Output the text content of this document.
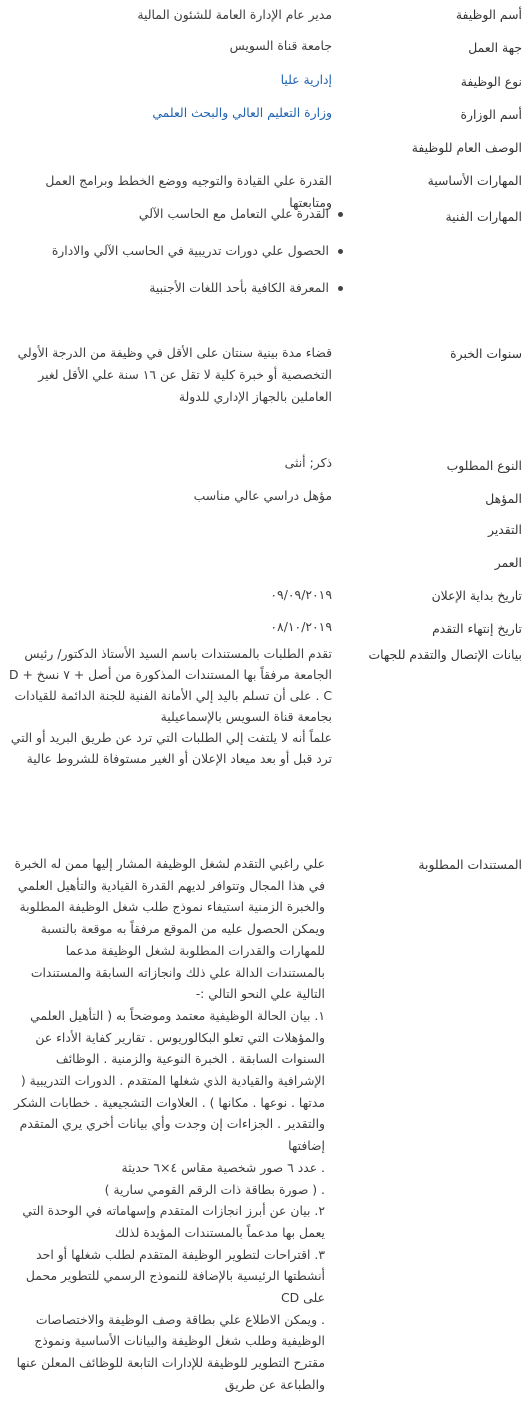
أسم الوظيفة
مدير عام الإدارة العامة للشئون المالية
جهة العمل
جامعة قناة السويس
نوع الوظيفة
إدارية عليا
أسم الوزارة
وزارة التعليم العالي والبحث العلمي
الوصف العام للوظيفة
المهارات الأساسية
القدرة علي القيادة والتوجيه ووضع الخطط وبرامج العمل ومتابعتها
المهارات الفنية
القدرة علي التعامل مع الحاسب الآلي
الحصول علي دورات تدريبية في الحاسب الآلي والادارة
المعرفة الكافية بأحد اللغات الأجنبية
سنوات الخبرة
قضاء مدة بينية سنتان على الأقل في وظيفة من الدرجة الأولي التخصصية أو خبرة كلية لا تقل عن ١٦ سنة علي الأقل لغير العاملين بالجهاز الإداري للدولة
النوع المطلوب
ذكر; أنثى
المؤهل
مؤهل دراسي عالي مناسب
التقدير
العمر
تاريخ بداية الإعلان
٠٩/٠٩/٢٠١٩
تاريخ إنتهاء التقدم
٠٨/١٠/٢٠١٩
بيانات الإتصال والتقدم للجهات

تقدم الطلبات بالمستندات باسم السيد الأستاذ الدكتور/ رئيس الجامعة مرفقاً بها المستندات المذكورة من أصل + ٧ نسخ + D . C على أن تسلم باليد إلي الأمانة الفنية للجنة الدائمة للقيادات بجامعة قناة السويس بالإسماعيلية

علماً أنه لا يلتفت إلي الطلبات التي ترد عن طريق البريد أو التي ترد قبل أو بعد ميعاد الإعلان أو الغير مستوفاة للشروط عالية

المستندات المطلوبة

علي راغبي التقدم لشغل الوظيفة المشار إليها ممن له الخبرة في هذا المجال وتتوافر لديهم القدرة القيادية والتأهيل العلمي والخبرة الزمنية استيفاء نموذج طلب شغل الوظيفة المطلوبة ويمكن الحصول عليه من الموقع مرفقاً به موقعة بالنسبة للمهارات والقدرات المطلوبة لشغل الوظيفة مدعما بالمستندات الدالة علي ذلك وانجازاته السابقة والمستندات التالية علي النحو التالي :-

١. بيان الحالة الوظيفية معتمد وموضحاً به ( التأهيل العلمي والمؤهلات التي تعلو البكالوريوس . تقارير كفاية الأداء عن السنوات السابقة . الخبرة النوعية والزمنية . الوظائف الإشرافية والقيادية الذي شغلها المتقدم . الدورات التدريبية ( مدتها . نوعها . مكانها ) . العلاوات التشجيعية . خطابات الشكر والتقدير . الجزاءات إن وجدت وأي بيانات أخري يري المتقدم إضافتها

. عدد ٦ صور شخصية مقاس ٤×٦ حديثة

. ( صورة بطاقة ذات الرقم القومي سارية )

٢. بيان عن أبرز انجازات المتقدم وإسهاماته في الوحدة التي يعمل بها مدعماً بالمستندات المؤيدة لذلك

٣. اقتراحات لتطوير الوظيفة المتقدم لطلب شغلها أو احد أنشطتها الرئيسية بالإضافة للنموذج الرسمي للتطوير محمل على CD

. ويمكن الاطلاع علي بطاقة وصف الوظيفة والاختصاصات الوظيفية وطلب شغل الوظيفة والبيانات الأساسية ونموذج مقترح التطوير للوظيفة للإدارات التابعة للوظائف المعلن عنها والطباعة عن طريق
